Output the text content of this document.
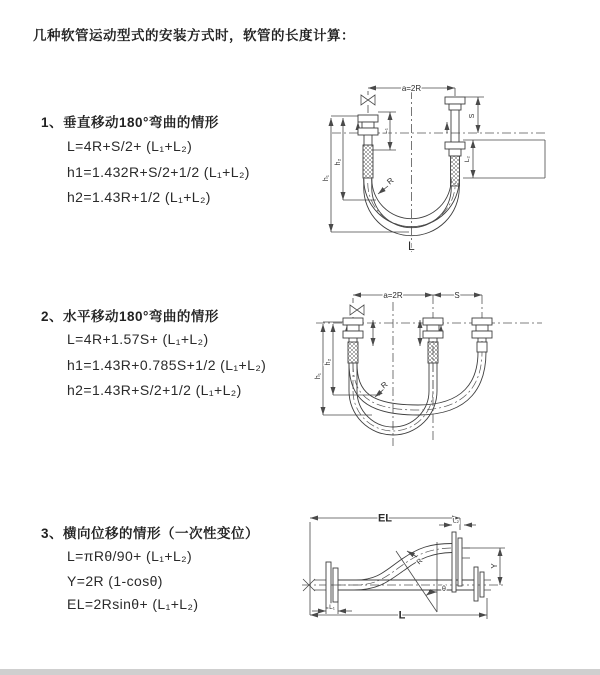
几种软管运动型式的安装方式时，软管的长度计算：
1、垂直移动180°弯曲的情形
L=4R+S/2+ (L₁+L₂)
h1=1.432R+S/2+1/2 (L₁+L₂)
h2=1.43R+1/2 (L₁+L₂)
2、水平移动180°弯曲的情形
L=4R+1.57S+ (L₁+L₂)
h1=1.43R+0.785S+1/2 (L₁+L₂)
h2=1.43R+S/2+1/2 (L₁+L₂)
3、横向位移的情形（一次性变位）
L=πRθ/90+ (L₁+L₂)
Y=2R (1-cosθ)
EL=2Rsinθ+ (L₁+L₂)
a=2R
S
L₂
L₁
h₁
h₂
R
L
a=2R	S
h₁
h₂
R
EL	L₂
Y
R
θ
L
L₁
